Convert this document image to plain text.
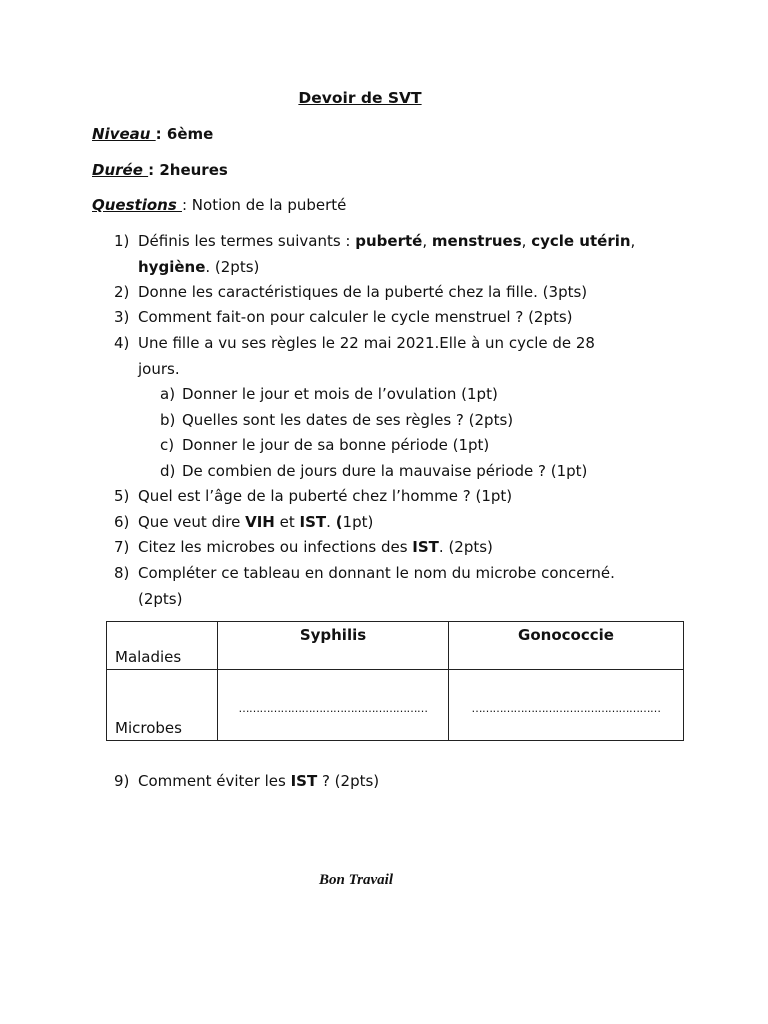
Devoir de SVT
Niveau : 6ème
Durée : 2heures
Questions : Notion de la puberté
1) Définis les termes suivants : puberté, menstrues, cycle utérin,
hygiène. (2pts)
2) Donne les caractéristiques de la puberté chez la fille. (3pts)
3) Comment fait-on pour calculer le cycle menstruel ? (2pts)
4) Une fille a vu ses règles le 22 mai 2021.Elle à un cycle de 28
jours.
a) Donner le jour et mois de l’ovulation (1pt)
b) Quelles sont les dates de ses règles ? (2pts)
c) Donner le jour de sa bonne période (1pt)
d) De combien de jours dure la mauvaise période ? (1pt)
5) Quel est l’âge de la puberté chez l’homme ? (1pt)
6) Que veut dire VIH et IST. (1pt)
7) Citez les microbes ou infections des IST. (2pts)
8) Compléter ce tableau en donnant le nom du microbe concerné.
(2pts)
Maladies	Syphilis	Gonococcie
Microbes	………………………………………………	………………………………………………
9) Comment éviter les IST ? (2pts)
Bon Travail
